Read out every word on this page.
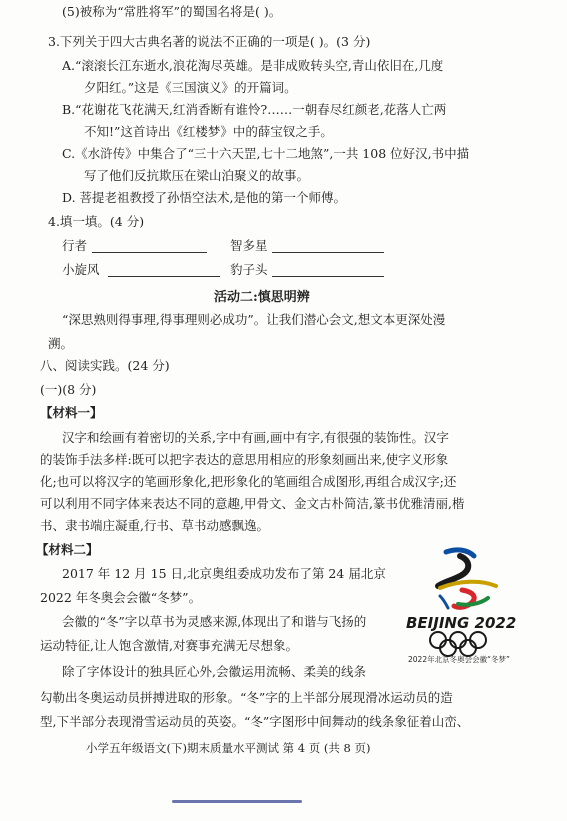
(5)被称为“常胜将军”的蜀国名将是( )。
3.下列关于四大古典名著的说法不正确的一项是( )。(3 分)
A.“滚滚长江东逝水,浪花淘尽英雄。是非成败转头空,青山依旧在,几度
夕阳红。”这是《三国演义》的开篇词。
B.“花谢花飞花满天,红消香断有谁怜?……一朝春尽红颜老,花落人亡两
不知!”这首诗出《红楼梦》中的薛宝钗之手。
C.《水浒传》中集合了“三十六天罡,七十二地煞”,一共 108 位好汉,书中描
写了他们反抗欺压在梁山泊聚义的故事。
D. 菩提老祖教授了孙悟空法术,是他的第一个师傅。
4.填一填。(4 分)
行者	智多星
小旋风	豹子头
活动二:慎思明辨
“深思熟则得事理,得事理则必成功”。让我们潜心会文,想文本更深处漫
溯。
八、阅读实践。(24 分)
(一)(8 分)
【材料一】
汉字和绘画有着密切的关系,字中有画,画中有字,有很强的装饰性。汉字
的装饰手法多样:既可以把字表达的意思用相应的形象刻画出来,使字义形象
化;也可以将汉字的笔画形象化,把形象化的笔画组合成图形,再组合成汉字;还
可以利用不同字体来表达不同的意趣,甲骨文、金文古朴简洁,篆书优雅清丽,楷
书、隶书端庄凝重,行书、草书动感飘逸。
【材料二】
2017 年 12 月 15 日,北京奥组委成功发布了第 24 届北京
2022 年冬奥会会徽“冬梦”。
会徽的“冬”字以草书为灵感来源,体现出了和谐与飞扬的
运动特征,让人饱含激情,对赛事充满无尽想象。
除了字体设计的独具匠心外,会徽运用流畅、柔美的线条
勾勒出冬奥运动员拼搏进取的形象。“冬”字的上半部分展现滑冰运动员的造
型,下半部分表现滑雪运动员的英姿。“冬”字图形中间舞动的线条象征着山峦、
BEIJING 2022
2022年北京冬奥会会徽“冬梦”
小学五年级语文(下)期末质量水平测试 第 4 页 (共 8 页)
